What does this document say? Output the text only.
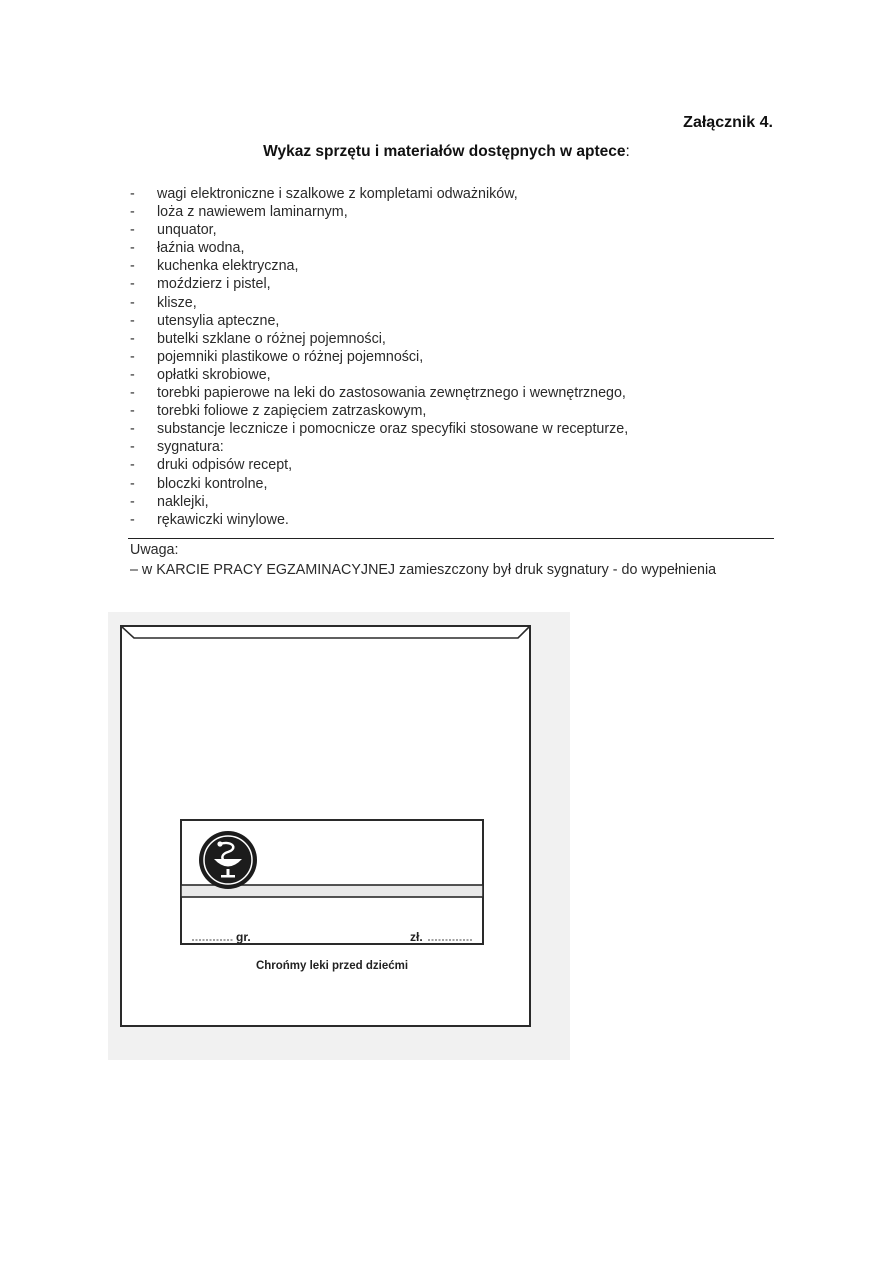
Załącznik 4.
Wykaz sprzętu i materiałów dostępnych w aptece:
-	wagi elektroniczne i szalkowe z kompletami odważników,
-	loża z nawiewem laminarnym,
-	unquator,
-	łaźnia wodna,
-	kuchenka elektryczna,
-	moździerz i pistel,
-	klisze,
-	utensylia apteczne,
-	butelki szklane o różnej pojemności,
-	pojemniki plastikowe o różnej pojemności,
-	opłatki skrobiowe,
-	torebki papierowe na leki do zastosowania zewnętrznego i wewnętrznego,
-	torebki foliowe z zapięciem zatrzaskowym,
-	substancje lecznicze i pomocnicze oraz specyfiki stosowane w recepturze,
-	sygnatura:
-	druki odpisów recept,
-	bloczki kontrolne,
-	naklejki,
-	rękawiczki winylowe.
Uwaga:
– w KARCIE PRACY EGZAMINACYJNEJ zamieszczony był druk sygnatury - do wypełnienia
gr.	zł.
Chrońmy leki przed dziećmi
